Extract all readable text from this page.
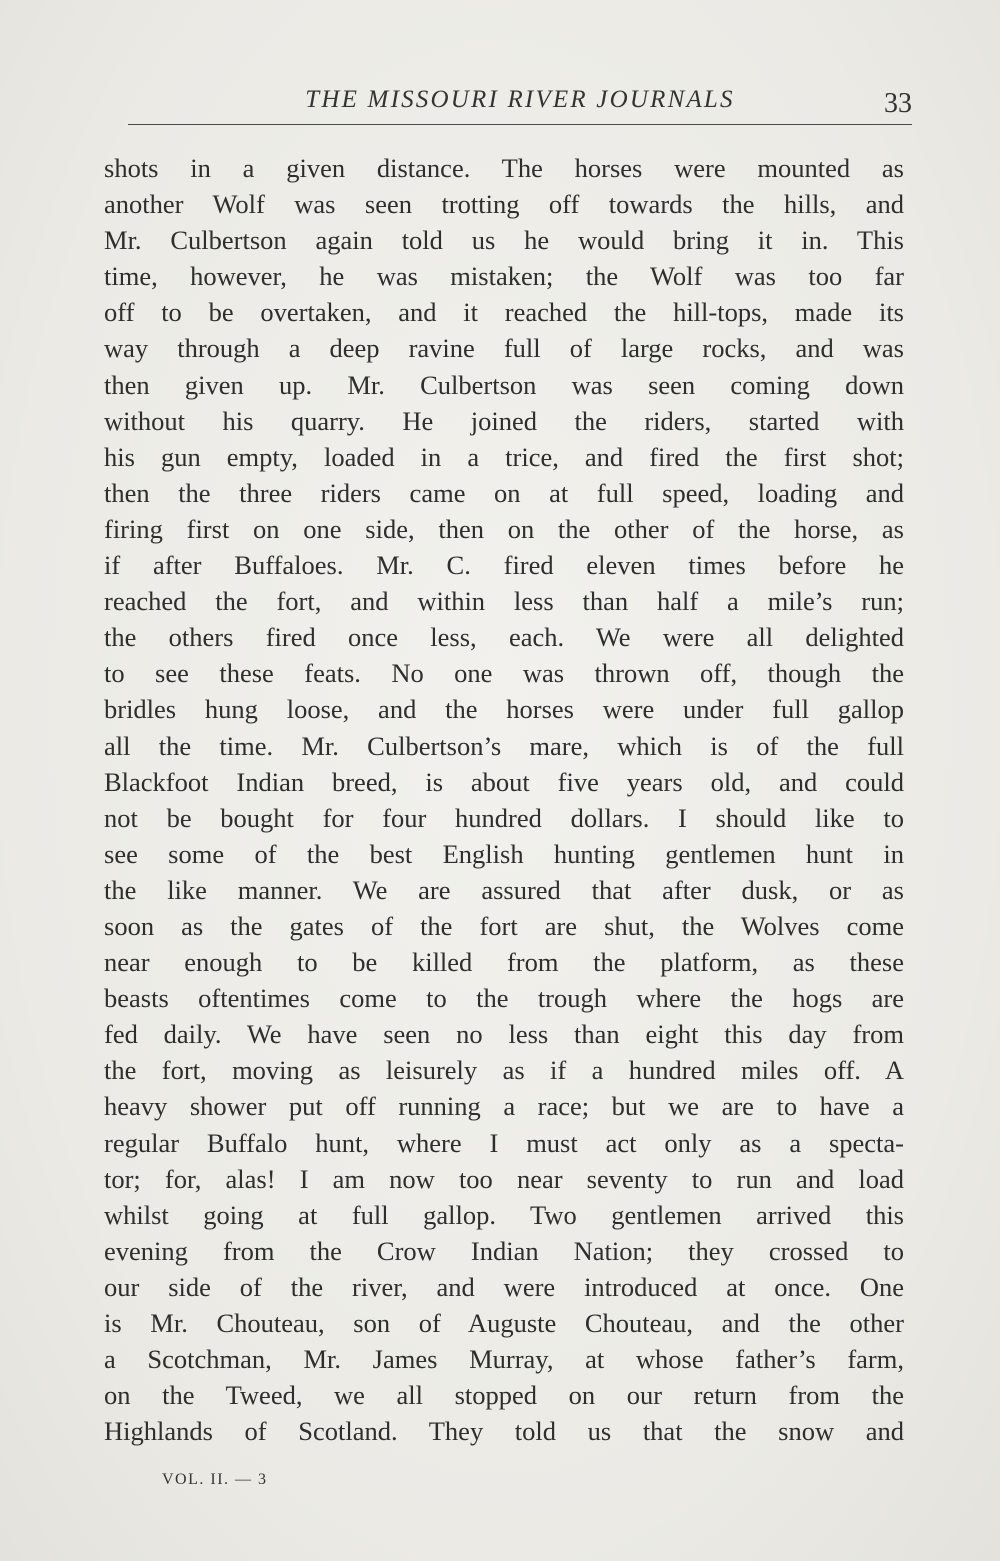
THE MISSOURI RIVER JOURNALS	33
shots in a given distance. The horses were mounted as
another Wolf was seen trotting off towards the hills, and
Mr. Culbertson again told us he would bring it in. This
time, however, he was mistaken; the Wolf was too far
off to be overtaken, and it reached the hill-tops, made its
way through a deep ravine full of large rocks, and was
then given up. Mr. Culbertson was seen coming down
without his quarry. He joined the riders, started with
his gun empty, loaded in a trice, and fired the first shot;
then the three riders came on at full speed, loading and
firing first on one side, then on the other of the horse, as
if after Buffaloes. Mr. C. fired eleven times before he
reached the fort, and within less than half a mile’s run;
the others fired once less, each. We were all delighted
to see these feats. No one was thrown off, though the
bridles hung loose, and the horses were under full gallop
all the time. Mr. Culbertson’s mare, which is of the full
Blackfoot Indian breed, is about five years old, and could
not be bought for four hundred dollars. I should like to
see some of the best English hunting gentlemen hunt in
the like manner. We are assured that after dusk, or as
soon as the gates of the fort are shut, the Wolves come
near enough to be killed from the platform, as these
beasts oftentimes come to the trough where the hogs are
fed daily. We have seen no less than eight this day from
the fort, moving as leisurely as if a hundred miles off. A
heavy shower put off running a race; but we are to have a
regular Buffalo hunt, where I must act only as a specta-
tor; for, alas! I am now too near seventy to run and load
whilst going at full gallop. Two gentlemen arrived this
evening from the Crow Indian Nation; they crossed to
our side of the river, and were introduced at once. One
is Mr. Chouteau, son of Auguste Chouteau, and the other
a Scotchman, Mr. James Murray, at whose father’s farm,
on the Tweed, we all stopped on our return from the
Highlands of Scotland. They told us that the snow and
VOL. II. — 3
